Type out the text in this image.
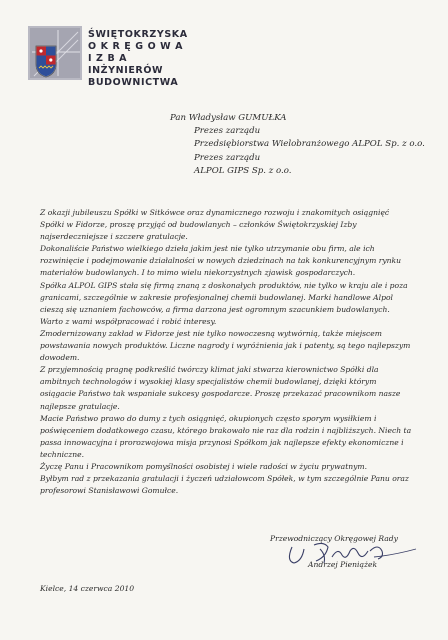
ŚWIĘTOKRZYSKA
O K R Ę G O W A
I Z B A
INŻYNIERÓW
BUDOWNICTWA
Pan Władysław GUMUŁKA
Prezes zarządu
Przedsiębiorstwa Wielobranżowego ALPOL Sp. z o.o.
Prezes zarządu
ALPOL GIPS Sp. z o.o.

Z okazji jubileuszu Spółki w Sitkówce oraz dynamicznego rozwoju i znakomitych osiągnięć Spółki w Fidorze, proszę przyjąć od budowlanych – członków Świętokrzyskiej Izby najserdeczniejsze i szczere gratulacje.

Dokonaliście Państwo wielkiego dzieła jakim jest nie tylko utrzymanie obu firm, ale ich rozwinięcie i podejmowanie działalności w nowych dziedzinach na tak konkurencyjnym rynku materiałów budowlanych. I to mimo wielu niekorzystnych zjawisk gospodarczych.

Spółka ALPOL GIPS stała się firmą znaną z doskonałych produktów, nie tylko w kraju ale i poza granicami, szczególnie w zakresie profesjonalnej chemii budowlanej. Marki handlowe Alpol cieszą się uznaniem fachowców, a firma darzona jest ogromnym szacunkiem budowlanych. Warto z wami współpracować i robić interesy.

Zmodernizowany zakład w Fidorze jest nie tylko nowoczesną wytwórnią, także miejscem powstawania nowych produktów. Liczne nagrody i wyróżnienia jak i patenty, są tego najlepszym dowodem.

Z przyjemnością pragnę podkreślić twórczy klimat jaki stwarza kierownictwo Spółki dla ambitnych technologów i wysokiej klasy specjalistów chemii budowlanej, dzięki którym osiągacie Państwo tak wspaniałe sukcesy gospodarcze. Proszę przekazać pracownikom nasze najlepsze gratulacje.

Macie Państwo prawo do dumy z tych osiągnięć, okupionych często sporym wysiłkiem i poświęceniem dodatkowego czasu, którego brakowało nie raz dla rodzin i najbliższych. Niech ta passa innowacyjna i prorozwojowa misja przynosi Spółkom jak najlepsze efekty ekonomiczne i techniczne.

Życzę Panu i Pracownikom pomyślności osobistej i wiele radości w życiu prywatnym.

Byłbym rad z przekazania gratulacji i życzeń udziałowcom Spółek, w tym szczególnie Panu oraz profesorowi Stanisławowi Gomułce.

Przewodniczący Okręgowej Rady
Andrzej Pieniążek
Kielce, 14 czerwca 2010
